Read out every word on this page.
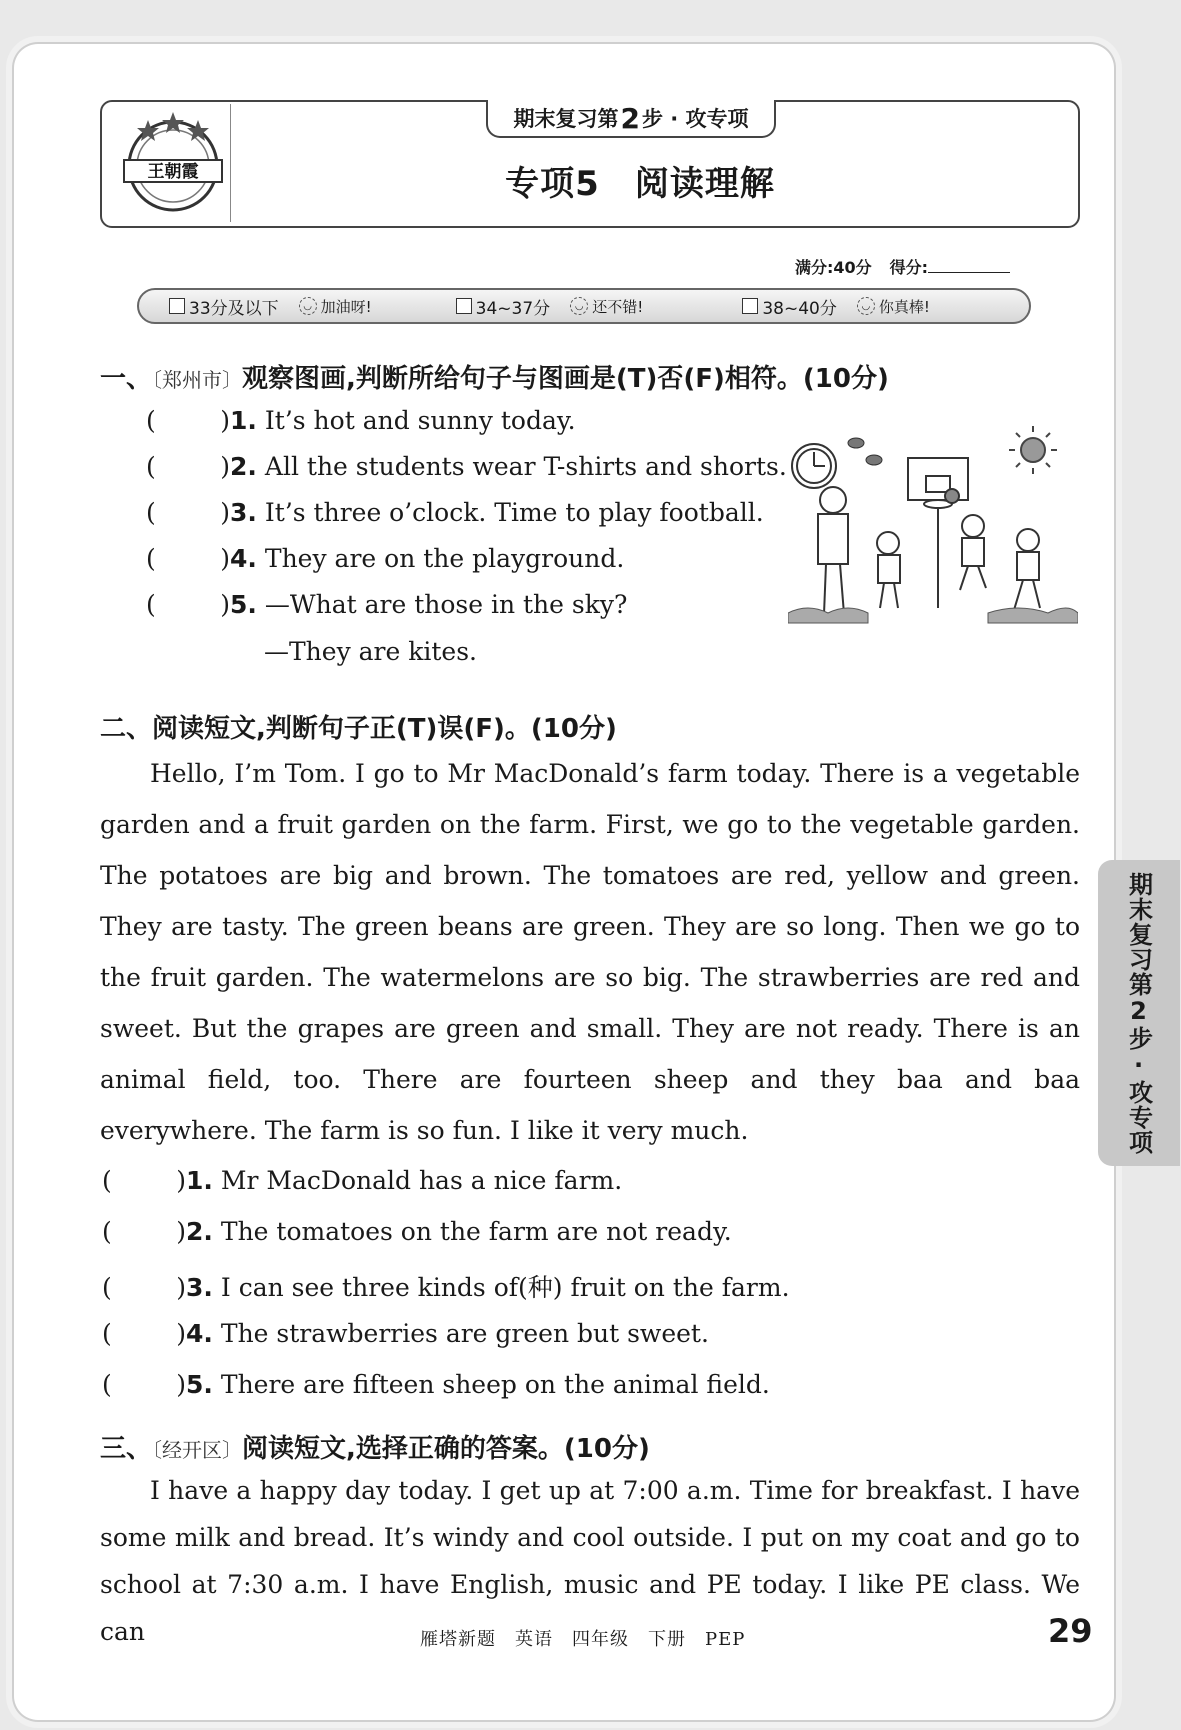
王朝霞
期末复习第 2 步 · 攻专项
专项5　阅读理解
满分:40分 得分:
33分及以下	◡ 加油呀!	34~37分	◡ 还不错!	38~40分	◡ 你真棒!
期末复习第2步·攻专项
一、〔郑州市〕观察图画,判断所给句子与图画是(T)否(F)相符。(10分)
(	) 1. It’s hot and sunny today.
(	) 2. All the students wear T-shirts and shorts.
(	) 3. It’s three o’clock. Time to play football.
(	) 4. They are on the playground.
(	) 5. —What are those in the sky?
—They are kites.
二、阅读短文,判断句子正(T)误(F)。(10分)
Hello, I’m Tom. I go to Mr MacDonald’s farm today. There is a vegetable garden and a fruit garden on the farm. First, we go to the vegetable garden. The potatoes are big and brown. The tomatoes are red, yellow and green. They are tasty. The green beans are green. They are so long. Then we go to the fruit garden. The watermelons are so big. The strawberries are red and sweet. But the grapes are green and small. They are not ready. There is an animal field, too. There are fourteen sheep and they baa and baa everywhere. The farm is so fun. I like it very much.
(	) 1. Mr MacDonald has a nice farm.
(	) 2. The tomatoes on the farm are not ready.
(	) 3. I can see three kinds of(种) fruit on the farm.
(	) 4. The strawberries are green but sweet.
(	) 5. There are fifteen sheep on the animal field.
三、〔经开区〕阅读短文,选择正确的答案。(10分)
I have a happy day today. I get up at 7:00 a.m. Time for breakfast. I have some milk and bread. It’s windy and cool outside. I put on my coat and go to school at 7:30 a.m. I have English, music and PE today. I like PE class. We can	雁塔新题　英语　四年级　下册　PEP	29
